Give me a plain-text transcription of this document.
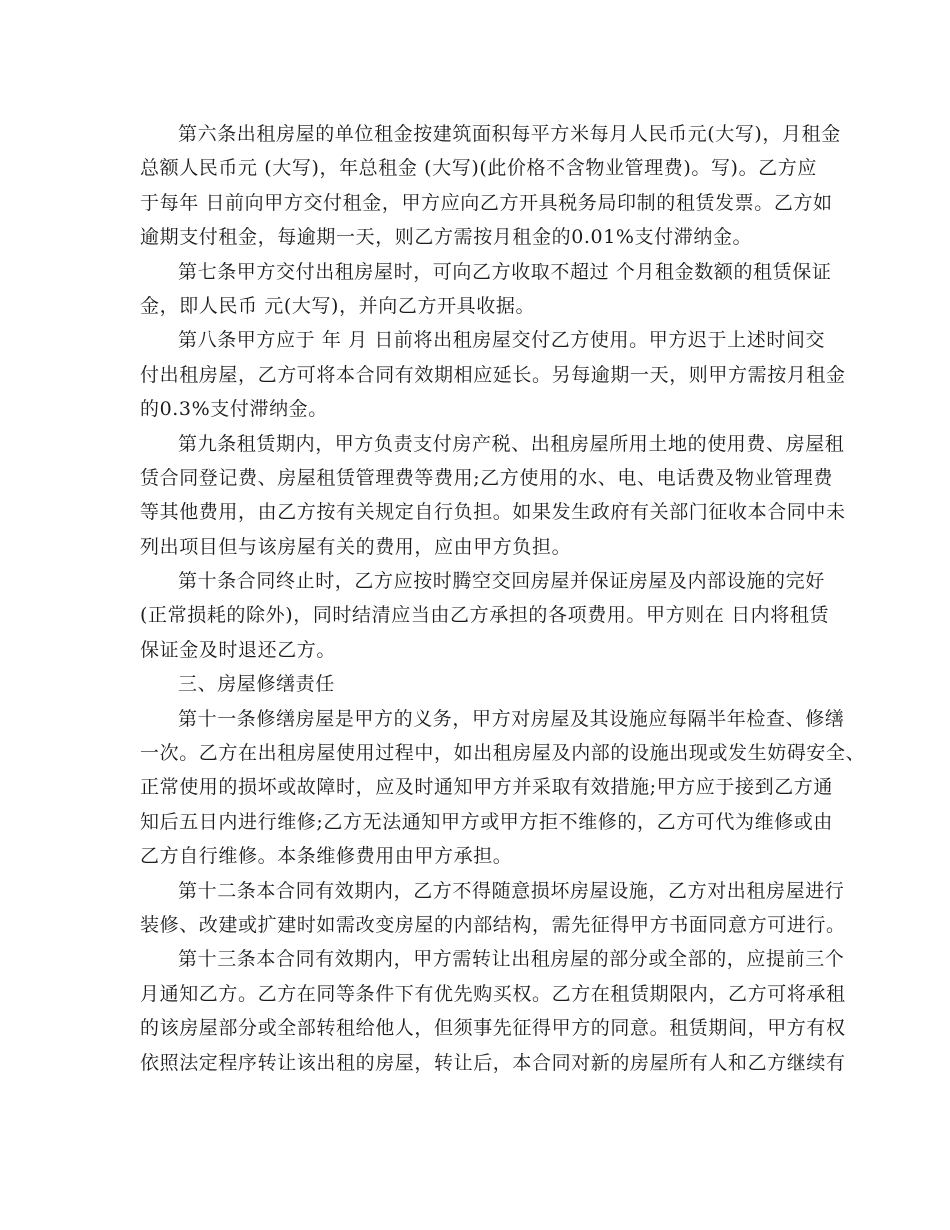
第六条出租房屋的单位租金按建筑面积每平方米每月人民币元(大写)，月租金
总额人民币元 (大写)，年总租金 (大写)(此价格不含物业管理费)。写)。乙方应
于每年 日前向甲方交付租金，甲方应向乙方开具税务局印制的租赁发票。乙方如
逾期支付租金，每逾期一天，则乙方需按月租金的0.01%支付滞纳金。
第七条甲方交付出租房屋时，可向乙方收取不超过 个月租金数额的租赁保证
金，即人民币 元(大写)，并向乙方开具收据。
第八条甲方应于 年 月 日前将出租房屋交付乙方使用。甲方迟于上述时间交
付出租房屋，乙方可将本合同有效期相应延长。另每逾期一天，则甲方需按月租金
的0.3%支付滞纳金。
第九条租赁期内，甲方负责支付房产税、出租房屋所用土地的使用费、房屋租
赁合同登记费、房屋租赁管理费等费用;乙方使用的水、电、电话费及物业管理费
等其他费用，由乙方按有关规定自行负担。如果发生政府有关部门征收本合同中未
列出项目但与该房屋有关的费用，应由甲方负担。
第十条合同终止时，乙方应按时腾空交回房屋并保证房屋及内部设施的完好
(正常损耗的除外)，同时结清应当由乙方承担的各项费用。甲方则在 日内将租赁
保证金及时退还乙方。
三、房屋修缮责任
第十一条修缮房屋是甲方的义务，甲方对房屋及其设施应每隔半年检查、修缮
一次。乙方在出租房屋使用过程中，如出租房屋及内部的设施出现或发生妨碍安全、
正常使用的损坏或故障时，应及时通知甲方并采取有效措施;甲方应于接到乙方通
知后五日内进行维修;乙方无法通知甲方或甲方拒不维修的，乙方可代为维修或由
乙方自行维修。本条维修费用由甲方承担。
第十二条本合同有效期内，乙方不得随意损坏房屋设施，乙方对出租房屋进行
装修、改建或扩建时如需改变房屋的内部结构，需先征得甲方书面同意方可进行。
第十三条本合同有效期内，甲方需转让出租房屋的部分或全部的，应提前三个
月通知乙方。乙方在同等条件下有优先购买权。乙方在租赁期限内，乙方可将承租
的该房屋部分或全部转租给他人，但须事先征得甲方的同意。租赁期间，甲方有权
依照法定程序转让该出租的房屋，转让后，本合同对新的房屋所有人和乙方继续有
